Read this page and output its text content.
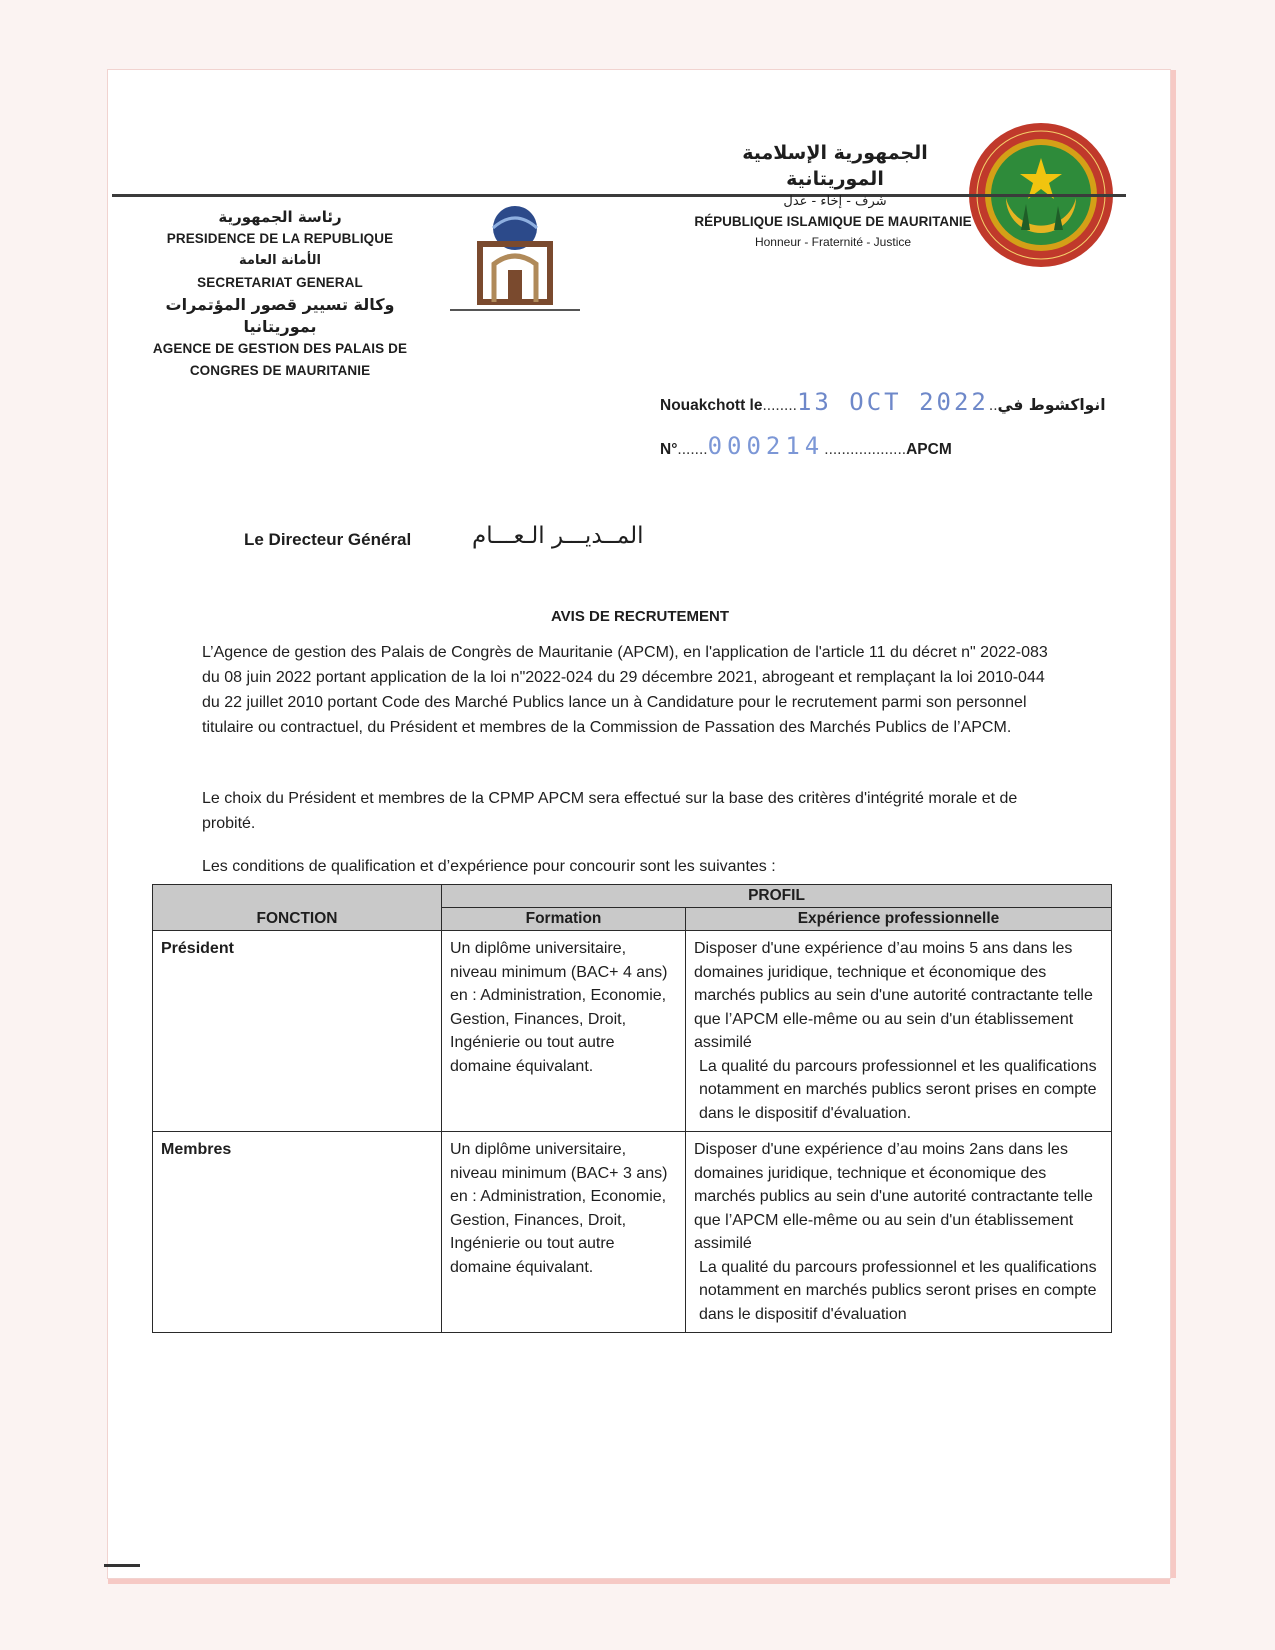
رئاسة الجمهورية
PRESIDENCE DE LA REPUBLIQUE
الأمانة العامة
SECRETARIAT GENERAL
وكالة تسيير قصور المؤتمرات بموريتانيا
AGENCE DE GESTION DES PALAIS DE
CONGRES DE MAURITANIE
الجمهورية الإسلامية الموريتانية
شرف - إخاء - عدل
RÉPUBLIQUE ISLAMIQUE DE MAURITANIE
Honneur - Fraternité - Justice
Nouakchott le........13 OCT 2022..انواكشوط في
N°.......000214...................APCM
Le Directeur Général	المــديـــر الـعـــام
AVIS DE RECRUTEMENT
L’Agence de gestion des Palais de Congrès de Mauritanie (APCM), en l'application de l'article 11 du décret n" 2022-083 du 08 juin 2022 portant application de la loi n"2022-024 du 29 décembre 2021, abrogeant et remplaçant la loi 2010-044 du 22 juillet 2010 portant Code des Marché Publics lance un à Candidature pour le recrutement parmi son personnel titulaire ou contractuel, du Président et membres de la Commission de Passation des Marchés Publics de l’APCM.
Le choix du Président et membres de la CPMP APCM sera effectué sur la base des critères d'intégrité morale et de probité.
Les conditions de qualification et d’expérience pour concourir sont les suivantes :
FONCTION	PROFIL	
	Formation	Expérience professionnelle
Président	Un diplôme universitaire, niveau minimum (BAC+ 4 ans) en : Administration, Economie, Gestion, Finances, Droit, Ingénierie ou tout autre domaine équivalant.	Disposer d'une expérience d’au moins 5 ans dans les domaines juridique, technique et économique des marchés publics au sein d'une autorité contractante telle que l’APCM elle-même ou au sein d'un établissement assimilé
La qualité du parcours professionnel et les qualifications notamment en marchés publics seront prises en compte dans le dispositif d'évaluation.

Membres	Un diplôme universitaire, niveau minimum (BAC+ 3 ans) en : Administration, Economie, Gestion, Finances, Droit, Ingénierie ou tout autre domaine équivalant.	Disposer d'une expérience d’au moins 2ans dans les domaines juridique, technique et économique des marchés publics au sein d'une autorité contractante telle que l’APCM elle-même ou au sein d'un établissement assimilé
La qualité du parcours professionnel et les qualifications notamment en marchés publics seront prises en compte dans le dispositif d'évaluation
